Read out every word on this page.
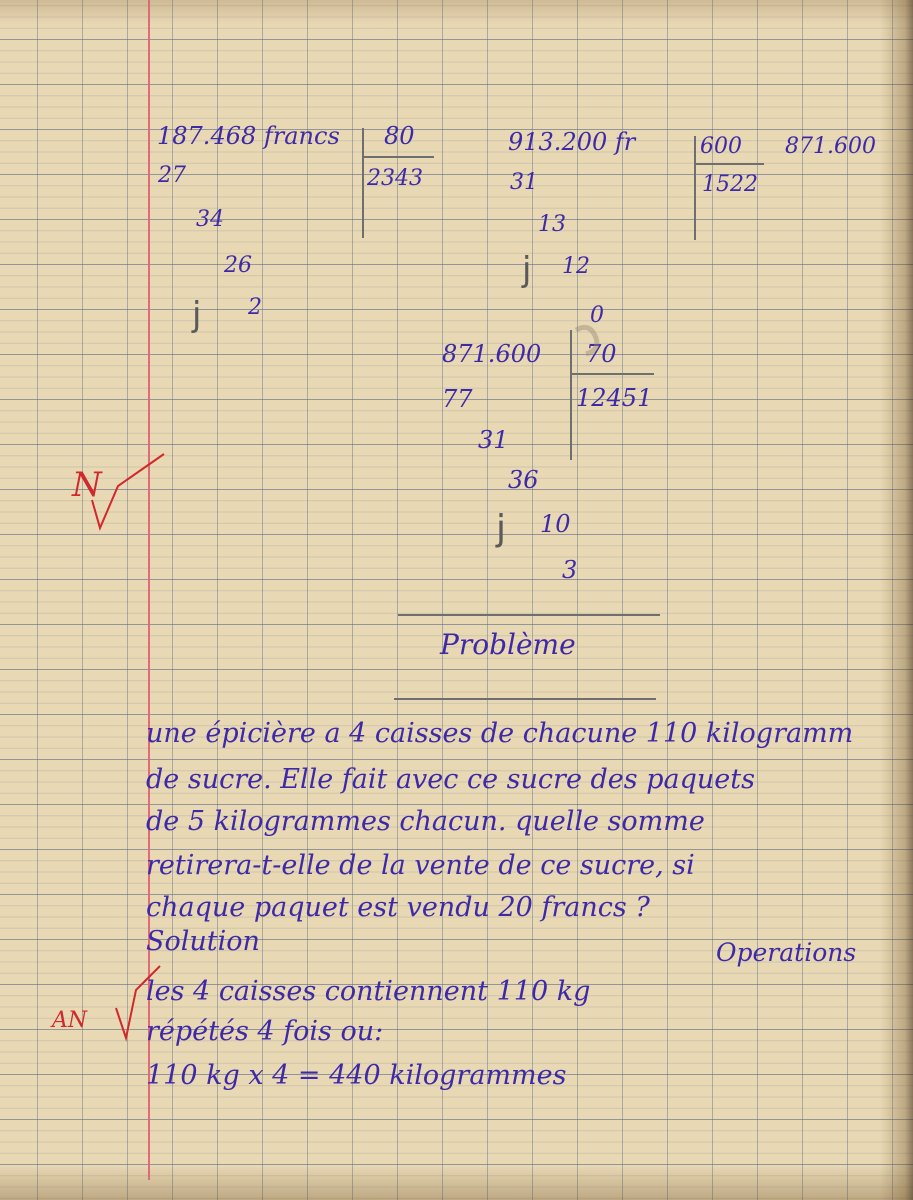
187.468 francs 80
2343
27
34
26
2
j
913.200 fr	600 871.600
1522
31
13
12
0
j
871.600 70
12451
77
31
36
10
3
j
N
Problème
une épicière a 4 caisses de chacune 110 kilogramm
de sucre. Elle fait avec ce sucre des paquets
de 5 kilogrammes chacun. quelle somme
retirera-t-elle de la vente de ce sucre, si
chaque paquet est vendu 20 francs ?
Solution	Operations
AN
les 4 caisses contiennent 110 kg
répétés 4 fois ou:
110 kg x 4 = 440 kilogrammes
